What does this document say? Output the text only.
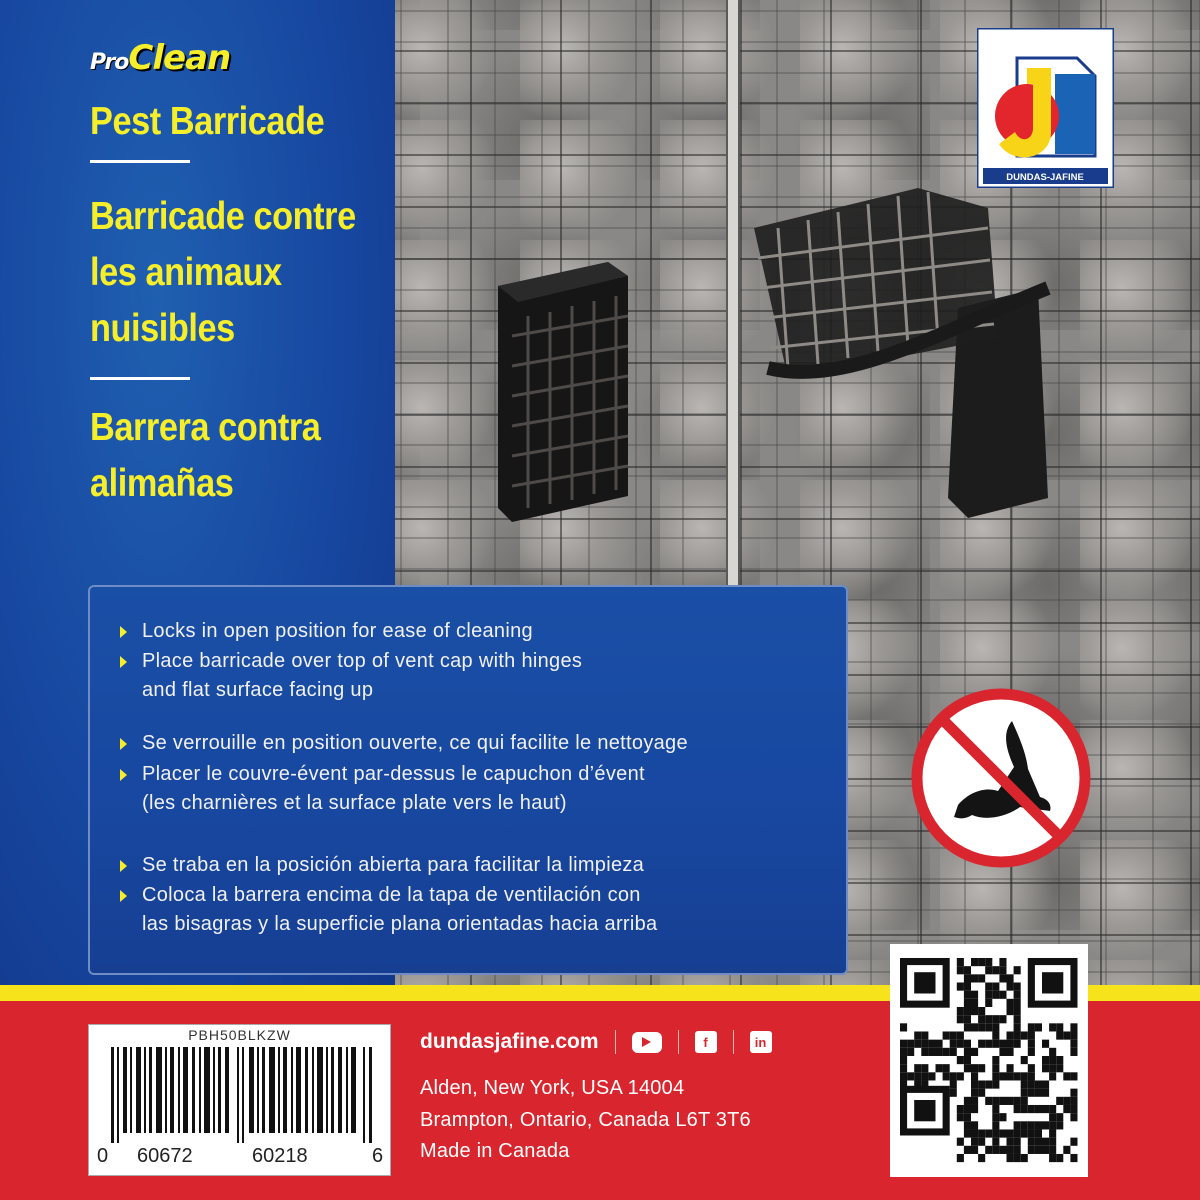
Pro Clean
Pest Barricade
Barricade contre
les animaux
nuisibles
Barrera contra
alimañas
DUNDAS-JAFINE
Locks in open position for ease of cleaning
Place barricade over top of vent cap with hinges
and flat surface facing up
Se verrouille en position ouverte, ce qui facilite le nettoyage
Placer le couvre-évent par-dessus le capuchon d’évent
(les charnières et la surface plate vers le haut)
Se traba en la posición abierta para facilitar la limpieza
Coloca la barrera encima de la tapa de ventilación con
las bisagras y la superficie plana orientadas hacia arriba
PBH50BLKZW
0 60672	60218	6
dundasjafine.com	f	in
Alden, New York, USA 14004
Brampton, Ontario, Canada L6T 3T6
Made in Canada
